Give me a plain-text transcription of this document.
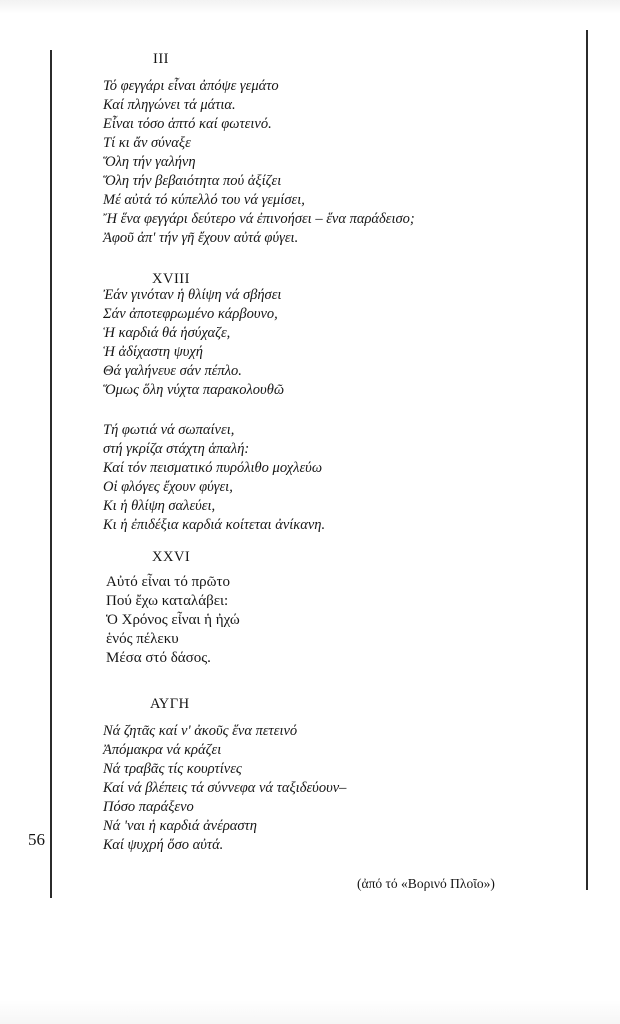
56
III
Τό φεγγάρι εἶναι ἀπόψε γεμάτο
Καί πληγώνει τά μάτια.
Εἶναι τόσο ἁπτό καί φωτεινό.
Τί κι ἄν σύναξε
Ὅλη τήν γαλήνη
Ὅλη τήν βεβαιότητα πού ἀξίζει
Μέ αὐτά τό κύπελλό του νά γεμίσει,
Ἤ ἕνα φεγγάρι δεύτερο νά ἐπινοήσει – ἕνα παράδεισο;
Ἀφοῦ ἀπ' τήν γῆ ἔχουν αὐτά φύγει.
XVIII
Ἐάν γινόταν ἡ θλίψη νά σβήσει
Σάν ἀποτεφρωμένο κάρβουνο,
Ἡ καρδιά θά ἡσύχαζε,
Ἡ ἀδίχαστη ψυχή
Θά γαλήνευε σάν πέπλο.
Ὅμως ὅλη νύχτα παρακολουθῶ
Τή φωτιά νά σωπαίνει,
στή γκρίζα στάχτη ἁπαλή:
Καί τόν πεισματικό πυρόλιθο μοχλεύω
Οἱ φλόγες ἔχουν φύγει,
Κι ἡ θλίψη σαλεύει,
Κι ἡ ἐπιδέξια καρδιά κοίτεται ἀνίκανη.
XXVI
Αὐτό εἶναι τό πρῶτο
Πού ἔχω καταλάβει:
Ὁ Χρόνος εἶναι ἡ ἠχώ
ἑνός πέλεκυ
Μέσα στό δάσος.
ΑΥΓΗ
Νά ζητᾶς καί ν' ἀκοῦς ἕνα πετεινό
Ἀπόμακρα νά κράζει
Νά τραβᾶς τίς κουρτίνες
Καί νά βλέπεις τά σύννεφα νά ταξιδεύουν–
Πόσο παράξενο
Νά 'ναι ἡ καρδιά ἀνέραστη
Καί ψυχρή ὅσο αὐτά.
(ἀπό τό «Βορινό Πλοῖο»)
